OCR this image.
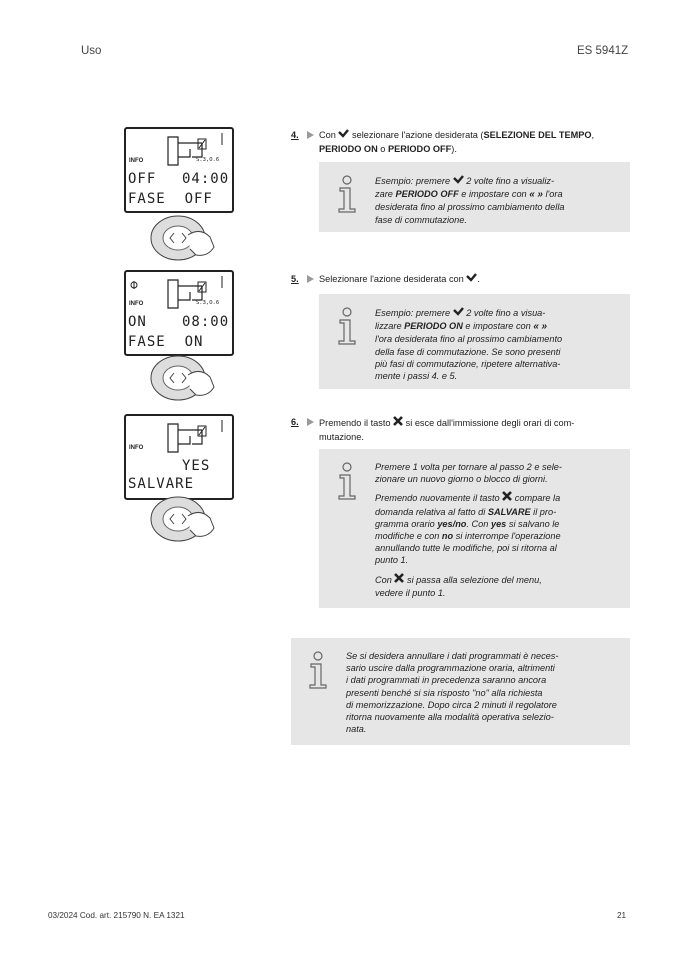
Uso	ES 5941Z
4. Con selezionare l'azione desiderata (SELEZIONE DEL TEMPO, PERIODO ON o PERIODO OFF).
Esempio: premere 2 volte fino a visualiz-
zare PERIODO OFF e impostare con « » l'ora
desiderata fino al prossimo cambiamento della
fase di commutazione.
S.3,O.6
INFO
OFF 04:00
FASE  OFF
5. Selezionare l'azione desiderata con .
Esempio: premere 2 volte fino a visua-
lizzare PERIODO ON e impostare con « »
l'ora desiderata fino al prossimo cambiamento
della fase di commutazione. Se sono presenti
più fasi di commutazione, ripetere alternativa-
mente i passi 4. e 5.
S.3,O.6
INFO
ON	08:00
FASE  ON
6. Premendo il tasto si esce dall'immissione degli orari di com-
mutazione.

Premere 1 volta per tornare al passo 2 e sele-
zionare un nuovo giorno o blocco di giorni.

Premendo nuovamente il tasto compare la
domanda relativa al fatto di SALVARE il pro-
gramma orario yes/no. Con yes si salvano le
modifiche e con no si interrompe l'operazione
annullando tutte le modifiche, poi si ritorna al
punto 1.

Con si passa alla selezione del menu,
vedere il punto 1.

INFO
YES
SALVARE
Se si desidera annullare i dati programmati è neces-
sario uscire dalla programmazione oraria, altrimenti
i dati programmati in precedenza saranno ancora
presenti benché si sia risposto "no" alla richiesta
di memorizzazione. Dopo circa 2 minuti il regolatore
ritorna nuovamente alla modalità operativa selezio-
nata.
03/2024 Cod. art. 215790 N. EA 1321	21
